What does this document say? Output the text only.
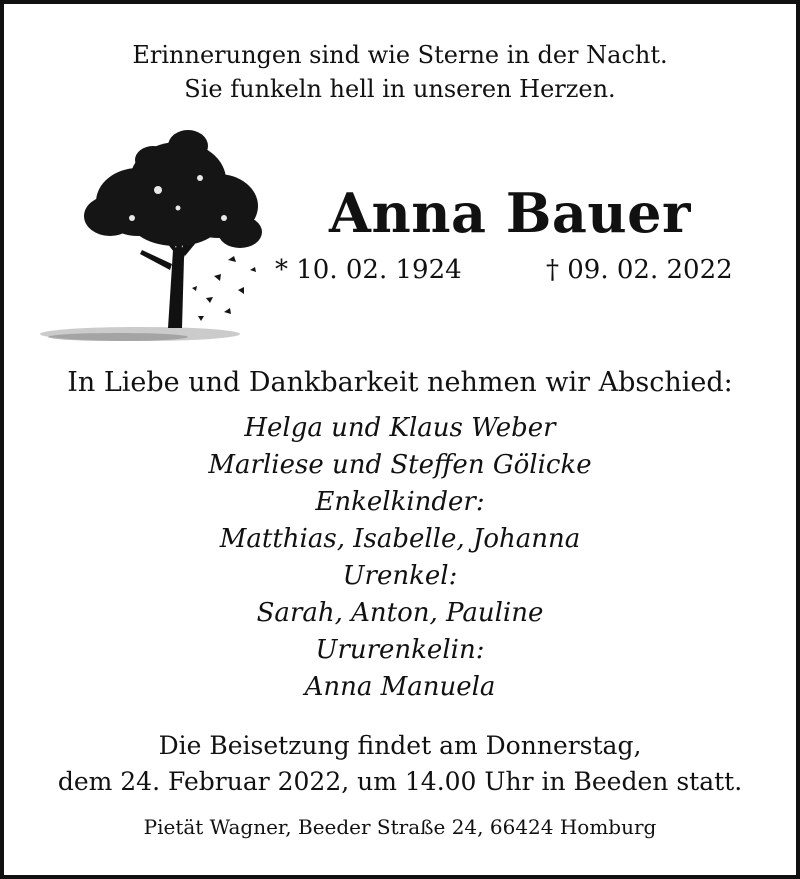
Erinnerungen sind wie Sterne in der Nacht.
Sie funkeln hell in unseren Herzen.
Anna Bauer
* 10. 02. 1924	† 09. 02. 2022
In Liebe und Dankbarkeit nehmen wir Abschied:
Helga und Klaus Weber
Marliese und Steffen Gölicke
Enkelkinder:
Matthias, Isabelle, Johanna
Urenkel:
Sarah, Anton, Pauline
Ururenkelin:
Anna Manuela
Die Beisetzung findet am Donnerstag,
dem 24. Februar 2022, um 14.00 Uhr in Beeden statt.
Pietät Wagner, Beeder Straße 24, 66424 Homburg
